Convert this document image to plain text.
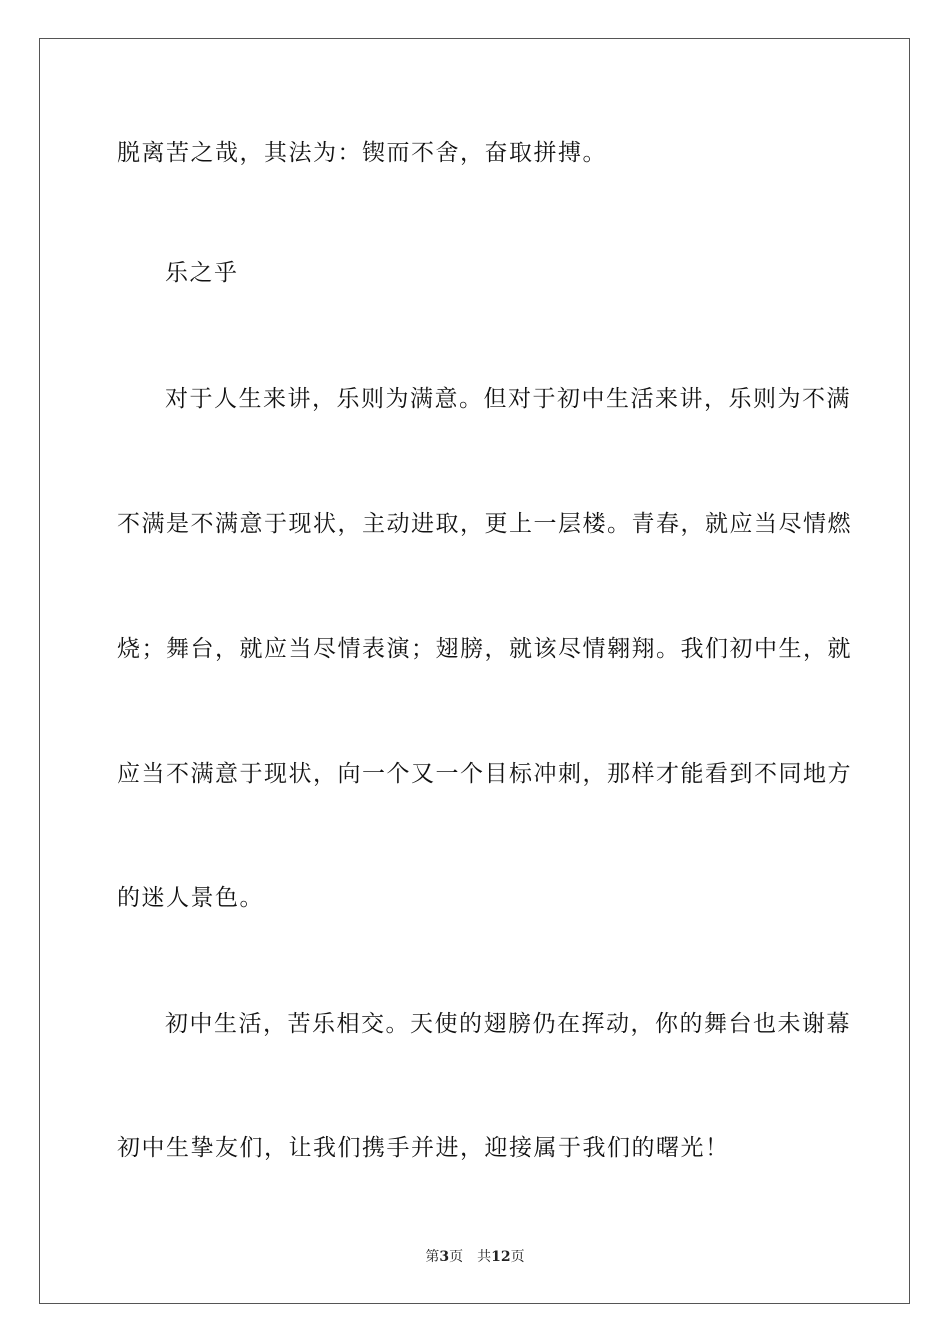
脱离苦之哉，其法为：锲而不舍，奋取拼搏。
乐之乎
对于人生来讲，乐则为满意。但对于初中生活来讲，乐则为不满
不满是不满意于现状，主动进取，更上一层楼。青春，就应当尽情燃
烧；舞台，就应当尽情表演；翅膀，就该尽情翱翔。我们初中生，就
应当不满意于现状，向一个又一个目标冲刺，那样才能看到不同地方
的迷人景色。
初中生活，苦乐相交。天使的翅膀仍在挥动，你的舞台也未谢幕
初中生挚友们，让我们携手并进，迎接属于我们的曙光！
第3页 共12页
